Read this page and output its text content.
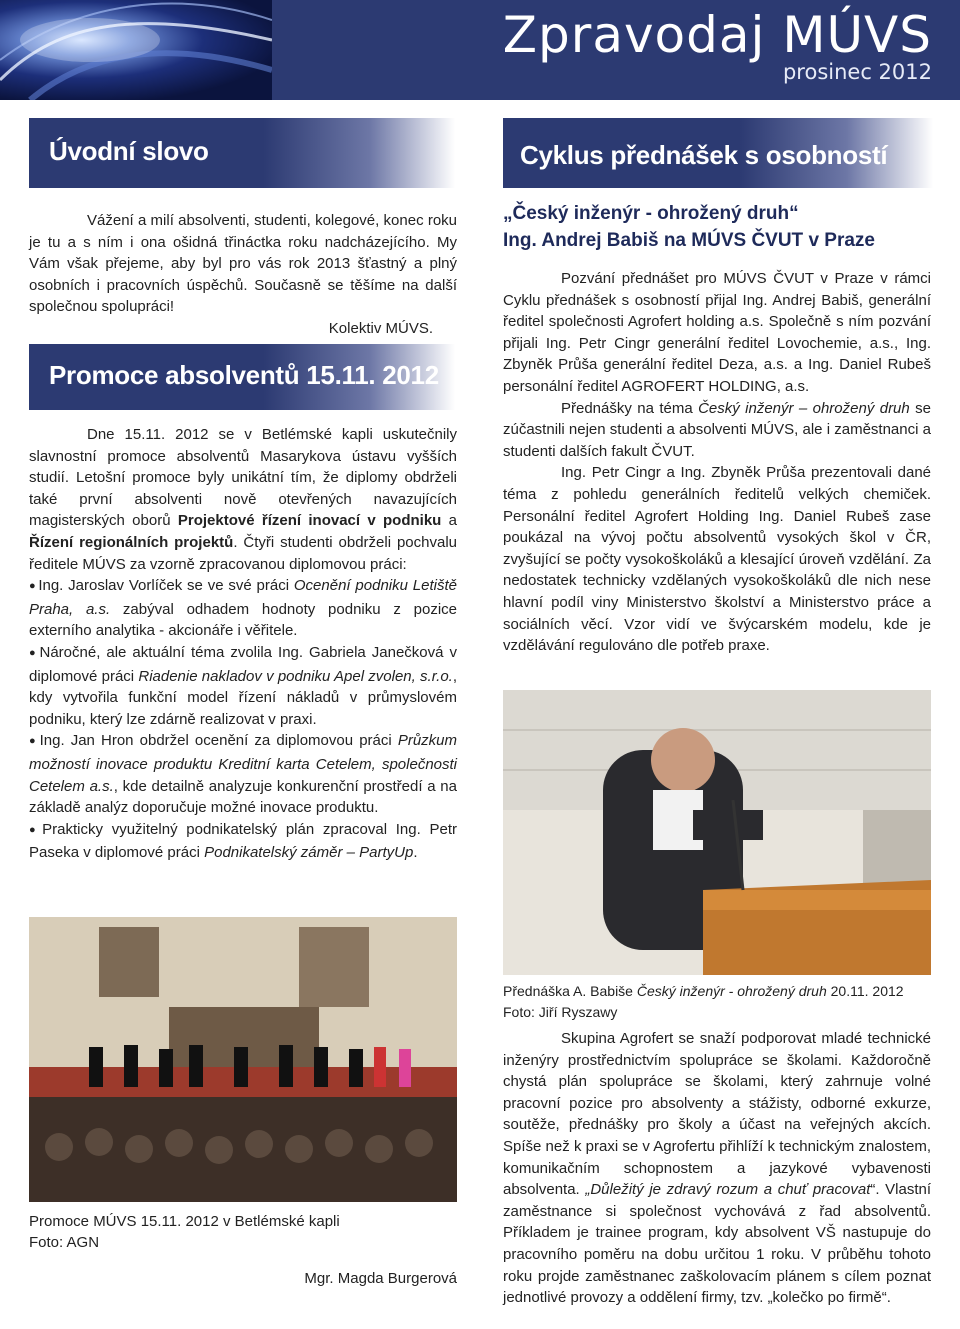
Zpravodaj MÚVS
prosinec 2012
Úvodní slovo

Vážení a milí absolventi, studenti, kolegové, konec roku je tu a s ním i ona ošidná třináctka roku nadcházejícího. My Vám však přejeme, aby byl pro vás rok 2013 šťastný a plný osobních i pracovních úspěchů. Současně se těšíme na další společnou spolupráci!

Kolektiv MÚVS.

Promoce absolventů 15.11. 2012

Dne 15.11. 2012 se v Betlémské kapli uskutečnily slavnostní promoce absolventů Masarykova ústavu vyšších studií. Letošní promoce byly unikátní tím, že diplomy obdrželi také první absolventi nově otevřených navazujících magisterských oborů Projektové řízení inovací v podniku a Řízení regionálních projektů. Čtyři studenti obdrželi pochvalu ředitele MÚVS za vzorně zpracovanou diplomovou práci:

● Ing. Jaroslav Vorlíček se ve své práci Ocenění podniku Letiště Praha, a.s. zabýval odhadem hodnoty podniku z pozice externího analytika - akcionáře i věřitele.

● Náročné, ale aktuální téma zvolila Ing. Gabriela Janečková v diplomové práci Riadenie nakladov v podniku Apel zvolen, s.r.o., kdy vytvořila funkční model řízení nákladů v průmyslovém podniku, který lze zdárně realizovat v praxi.

● Ing. Jan Hron obdržel ocenění za diplomovou práci Průzkum možností inovace produktu Kreditní karta Cetelem, společnosti Cetelem a.s., kde detailně analyzuje konkurenční prostředí a na základě analýz doporučuje možné inovace produktu.

● Prakticky využitelný podnikatelský plán zpracoval Ing. Petr Paseka v diplomové práci Podnikatelský záměr – PartyUp.

Promoce MÚVS 15.11. 2012 v Betlémské kapli
Foto: AGN
Mgr. Magda Burgerová
Cyklus přednášek s osobností
„Český inženýr - ohrožený druh“
Ing. Andrej Babiš na MÚVS ČVUT v Praze

Pozvání přednášet pro MÚVS ČVUT v Praze v rámci Cyklu přednášek s osobností přijal Ing. Andrej Babiš, generální ředitel společnosti Agrofert holding a.s. Společně s ním pozvání přijali Ing. Petr Cingr generální ředitel Lovochemie, a.s., Ing. Zbyněk Průša generální ředitel Deza, a.s. a Ing. Daniel Rubeš personální ředitel AGROFERT HOLDING, a.s.

Přednášky na téma Český inženýr – ohrožený druh se zúčastnili nejen studenti a absolventi MÚVS, ale i zaměstnanci a studenti dalších fakult ČVUT.

Ing. Petr Cingr a Ing. Zbyněk Průša prezentovali dané téma z pohledu generálních ředitelů velkých chemiček. Personální ředitel Agrofert Holding Ing. Daniel Rubeš zase poukázal na vývoj počtu absolventů vysokých škol v ČR, zvyšující se počty vysokoškoláků a klesající úroveň vzdělání. Za nedostatek technicky vzdělaných vysokoškoláků dle nich nese hlavní podíl viny Ministerstvo školství a Ministerstvo práce a sociálních věcí. Vzor vidí ve švýcarském modelu, kde je vzdělávání regulováno dle potřeb praxe.

Přednáška A. Babiše Český inženýr - ohrožený druh 20.11. 2012
Foto: Jiří Ryszawy

Skupina Agrofert se snaží podporovat mladé technické inženýry prostřednictvím spolupráce se školami. Každoročně chystá plán spolupráce se školami, který zahrnuje volné pracovní pozice pro absolventy a stážisty, odborné exkurze, soutěže, přednášky pro školy a účast na veřejných akcích. Spíše než k praxi se v Agrofertu přihlíží k technickým znalostem, komunikačním schopnostem a jazykové vybavenosti absolventa. „Důležitý je zdravý rozum a chuť pracovat“. Vlastní zaměstnance si společnost vychovává z řad absolventů. Příkladem je trainee program, kdy absolvent VŠ nastupuje do pracovního poměru na dobu určitou 1 roku. V průběhu tohoto roku projde zaměstnanec zaškolovacím plánem s cílem poznat jednotlivé provozy a oddělení firmy, tzv. „kolečko po firmě“.
